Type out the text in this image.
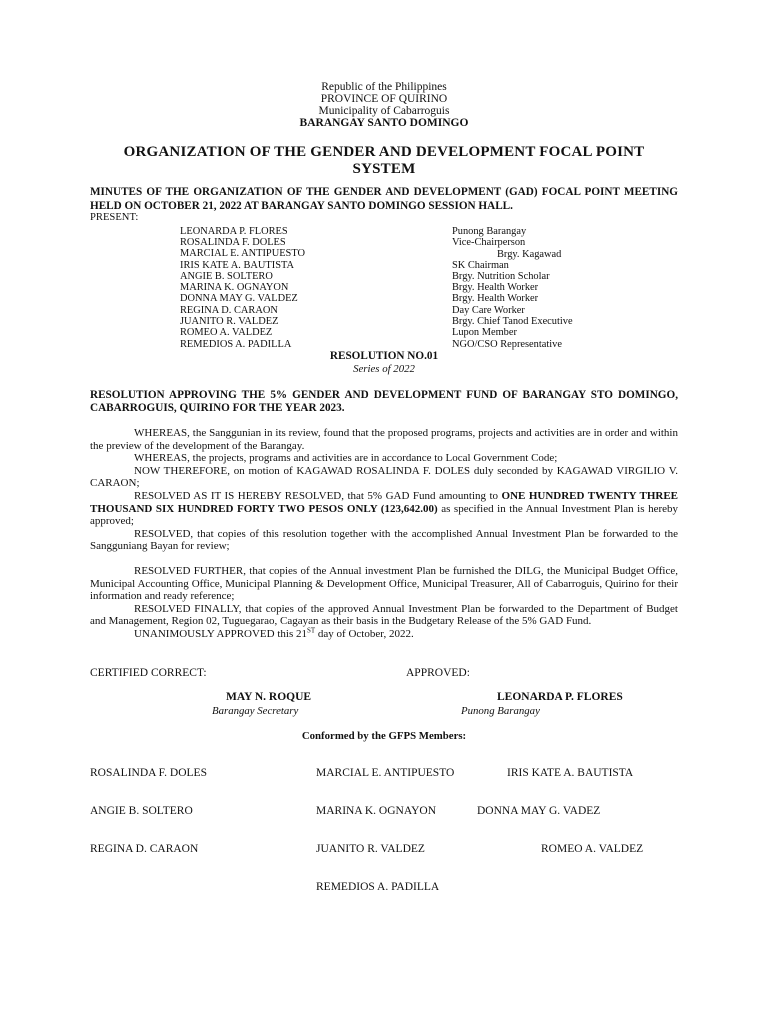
Republic of the Philippines
PROVINCE OF QUIRINO
Municipality of Cabarroguis
BARANGAY SANTO DOMINGO
ORGANIZATION OF THE GENDER AND DEVELOPMENT FOCAL POINT
SYSTEM
MINUTES OF THE ORGANIZATION OF THE GENDER AND DEVELOPMENT (GAD) FOCAL POINT MEETING HELD ON OCTOBER 21, 2022 AT BARANGAY SANTO DOMINGO SESSION HALL.
PRESENT:
LEONARDA P. FLORES	Punong Barangay
ROSALINDA F. DOLES	Vice-Chairperson
MARCIAL E. ANTIPUESTO	Brgy. Kagawad
IRIS KATE A. BAUTISTA	SK Chairman
ANGIE B. SOLTERO	Brgy. Nutrition Scholar
MARINA K. OGNAYON	Brgy. Health Worker
DONNA MAY G. VALDEZ	Brgy. Health Worker
REGINA D. CARAON	Day Care Worker
JUANITO R. VALDEZ	Brgy. Chief Tanod Executive
ROMEO A. VALDEZ	Lupon Member
REMEDIOS A. PADILLA	NGO/CSO Representative
RESOLUTION NO.01
Series of 2022
RESOLUTION APPROVING THE 5% GENDER AND DEVELOPMENT FUND OF BARANGAY STO DOMINGO, CABARROGUIS, QUIRINO FOR THE YEAR 2023.

WHEREAS, the Sanggunian in its review, found that the proposed programs, projects and activities are in order and within the preview of the development of the Barangay.

WHEREAS, the projects, programs and activities are in accordance to Local Government Code;

NOW THEREFORE, on motion of KAGAWAD ROSALINDA F. DOLES duly seconded by KAGAWAD VIRGILIO V. CARAON;

RESOLVED AS IT IS HEREBY RESOLVED, that 5% GAD Fund amounting to ONE HUNDRED TWENTY THREE THOUSAND SIX HUNDRED FORTY TWO PESOS ONLY (123,642.00) as specified in the Annual Investment Plan is hereby approved;

RESOLVED, that copies of this resolution together with the accomplished Annual Investment Plan be forwarded to the Sangguniang Bayan for review;

RESOLVED FURTHER, that copies of the Annual investment Plan be furnished the DILG, the Municipal Budget Office, Municipal Accounting Office, Municipal Planning & Development Office, Municipal Treasurer, All of Cabarroguis, Quirino for their information and ready reference;

RESOLVED FINALLY, that copies of the approved Annual Investment Plan be forwarded to the Department of Budget and Management, Region 02, Tuguegarao, Cagayan as their basis in the Budgetary Release of the 5% GAD Fund.

UNANIMOUSLY APPROVED this 21ST day of October, 2022.

CERTIFIED CORRECT:	APPROVED:
MAY N. ROQUE
Barangay Secretary
LEONARDA P. FLORES
Punong Barangay
Conformed by the GFPS Members:
ROSALINDA F. DOLES	MARCIAL E. ANTIPUESTO	IRIS KATE A. BAUTISTA
ANGIE B. SOLTERO	MARINA K. OGNAYON	DONNA MAY G. VADEZ
REGINA D. CARAON	JUANITO R. VALDEZ	ROMEO A. VALDEZ
REMEDIOS A. PADILLA
